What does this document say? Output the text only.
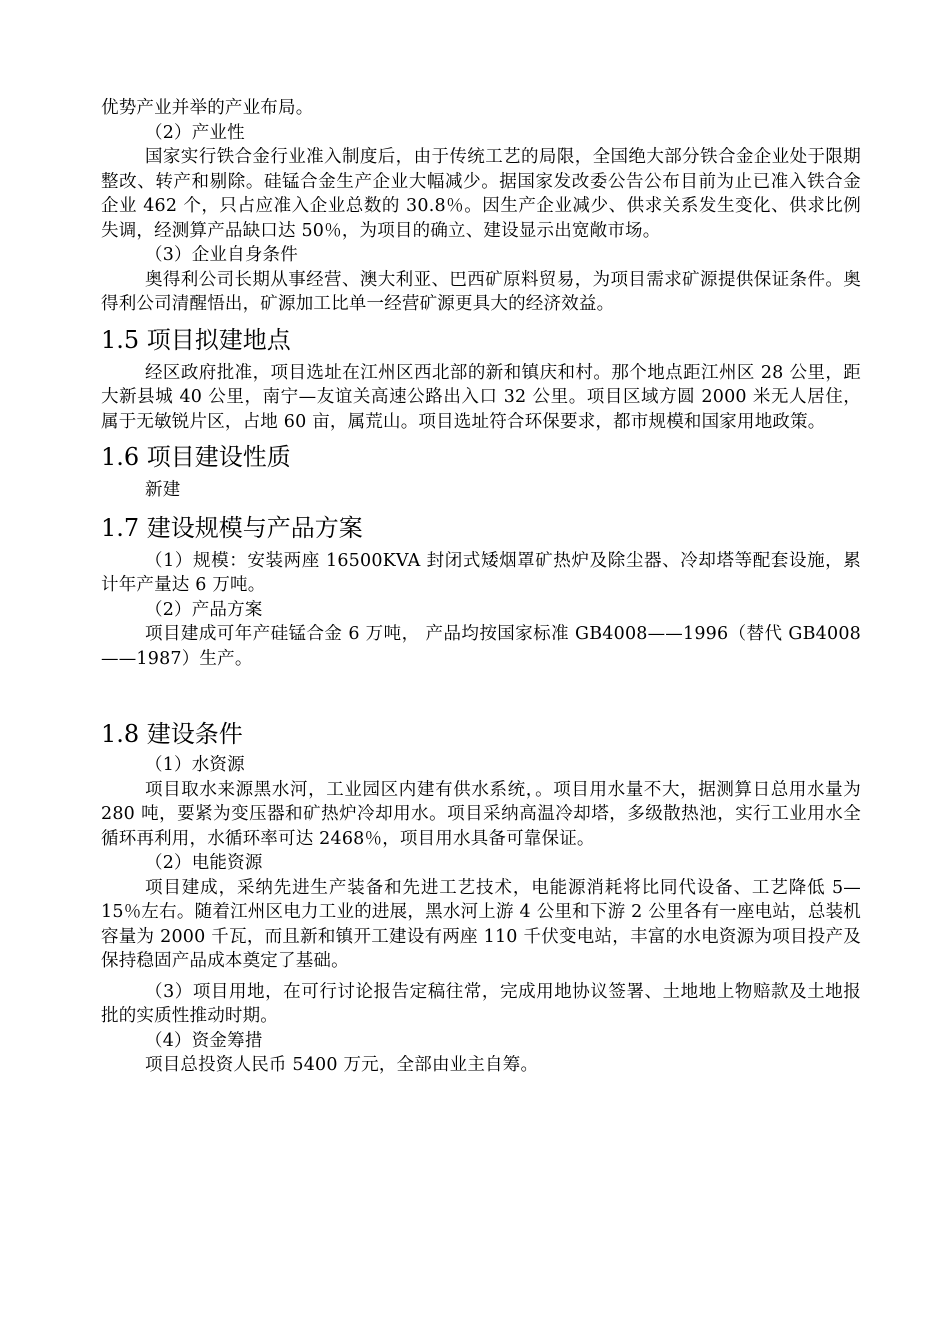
优势产业并举的产业布局。

（2）产业性

国家实行铁合金行业准入制度后，由于传统工艺的局限，全国绝大部分铁合金企业处于限期整改、转产和剔除。硅锰合金生产企业大幅减少。据国家发改委公告公布目前为止已准入铁合金企业 462 个，只占应准入企业总数的 30.8％。因生产企业减少、供求关系发生变化、供求比例失调，经测算产品缺口达 50％，为项目的确立、建设显示出宽敞市场。

（3）企业自身条件

奥得利公司长期从事经营、澳大利亚、巴西矿原料贸易，为项目需求矿源提供保证条件。奥得利公司清醒悟出，矿源加工比单一经营矿源更具大的经济效益。

1.5 项目拟建地点

经区政府批准，项目选址在江州区西北部的新和镇庆和村。那个地点距江州区 28 公里，距大新县城 40 公里，南宁—友谊关高速公路出入口 32 公里。项目区域方圆 2000 米无人居住，属于无敏锐片区，占地 60 亩，属荒山。项目选址符合环保要求，都市规模和国家用地政策。

1.6 项目建设性质

新建

1.7 建设规模与产品方案

（1）规模：安装两座 16500KVA 封闭式矮烟罩矿热炉及除尘器、冷却塔等配套设施，累计年产量达 6 万吨。

（2）产品方案

项目建成可年产硅锰合金 6 万吨， 产品均按国家标准 GB4008——1996（替代 GB4008——1987）生产。

1.8 建设条件

（1）水资源

项目取水来源黑水河，工业园区内建有供水系统，。项目用水量不大，据测算日总用水量为 280 吨，要紧为变压器和矿热炉冷却用水。项目采纳高温冷却塔，多级散热池，实行工业用水全循环再利用，水循环率可达 2468％，项目用水具备可靠保证。

（2）电能资源

项目建成，采纳先进生产装备和先进工艺技术，电能源消耗将比同代设备、工艺降低 5—15％左右。随着江州区电力工业的进展，黑水河上游 4 公里和下游 2 公里各有一座电站，总装机容量为 2000 千瓦，而且新和镇开工建设有两座 110 千伏变电站，丰富的水电资源为项目投产及保持稳固产品成本奠定了基础。

（3）项目用地，在可行讨论报告定稿往常，完成用地协议签署、土地地上物赔款及土地报批的实质性推动时期。

（4）资金筹措

项目总投资人民币 5400 万元，全部由业主自筹。
